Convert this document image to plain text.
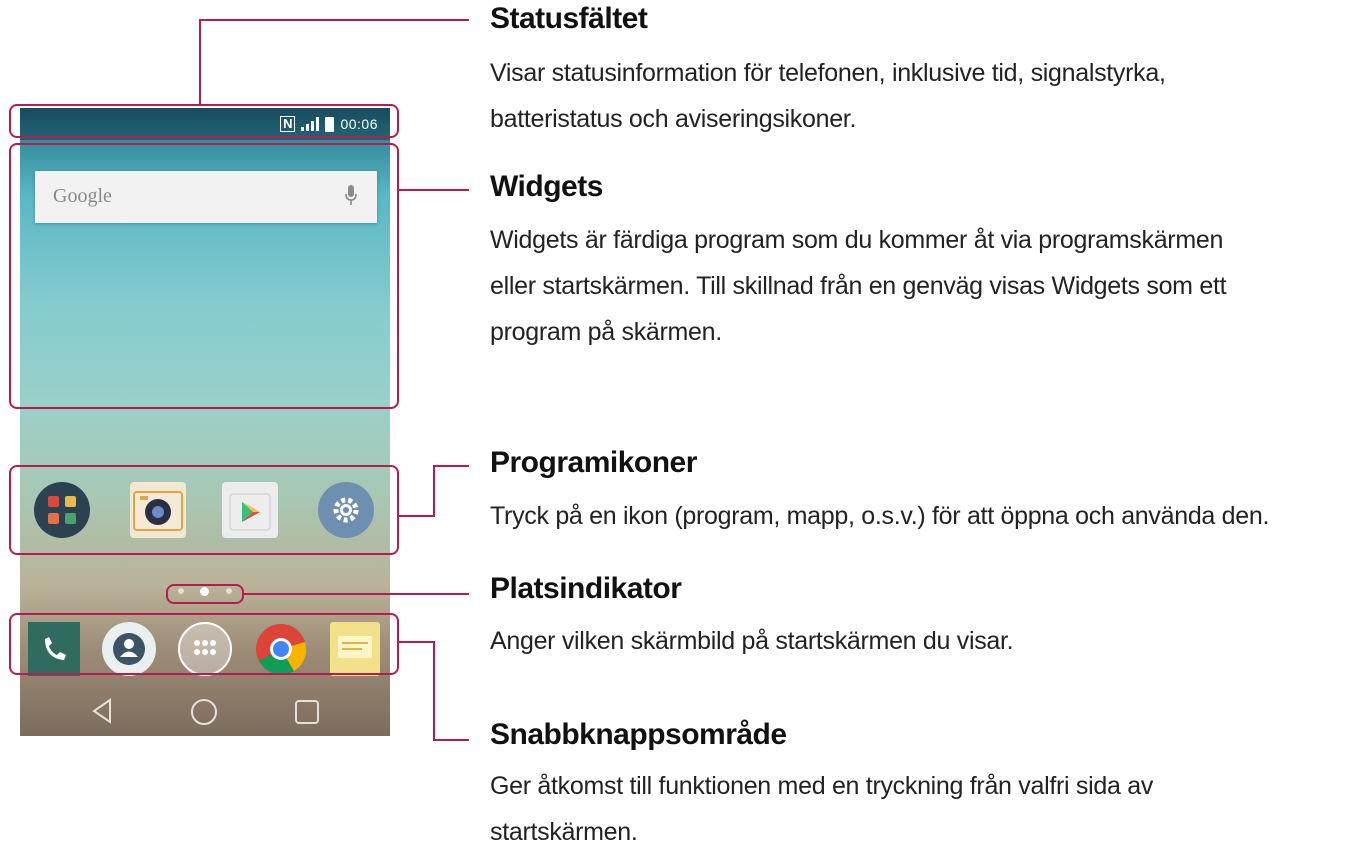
N	00:06
Google
Statusfältet
Visar statusinformation för telefonen, inklusive tid, signalstyrka,
batteristatus och aviseringsikoner.
Widgets
Widgets är färdiga program som du kommer åt via programskärmen
eller startskärmen. Till skillnad från en genväg visas Widgets som ett
program på skärmen.
Programikoner
Tryck på en ikon (program, mapp, o.s.v.) för att öppna och använda den.
Platsindikator
Anger vilken skärmbild på startskärmen du visar.
Snabbknappsområde
Ger åtkomst till funktionen med en tryckning från valfri sida av
startskärmen.
